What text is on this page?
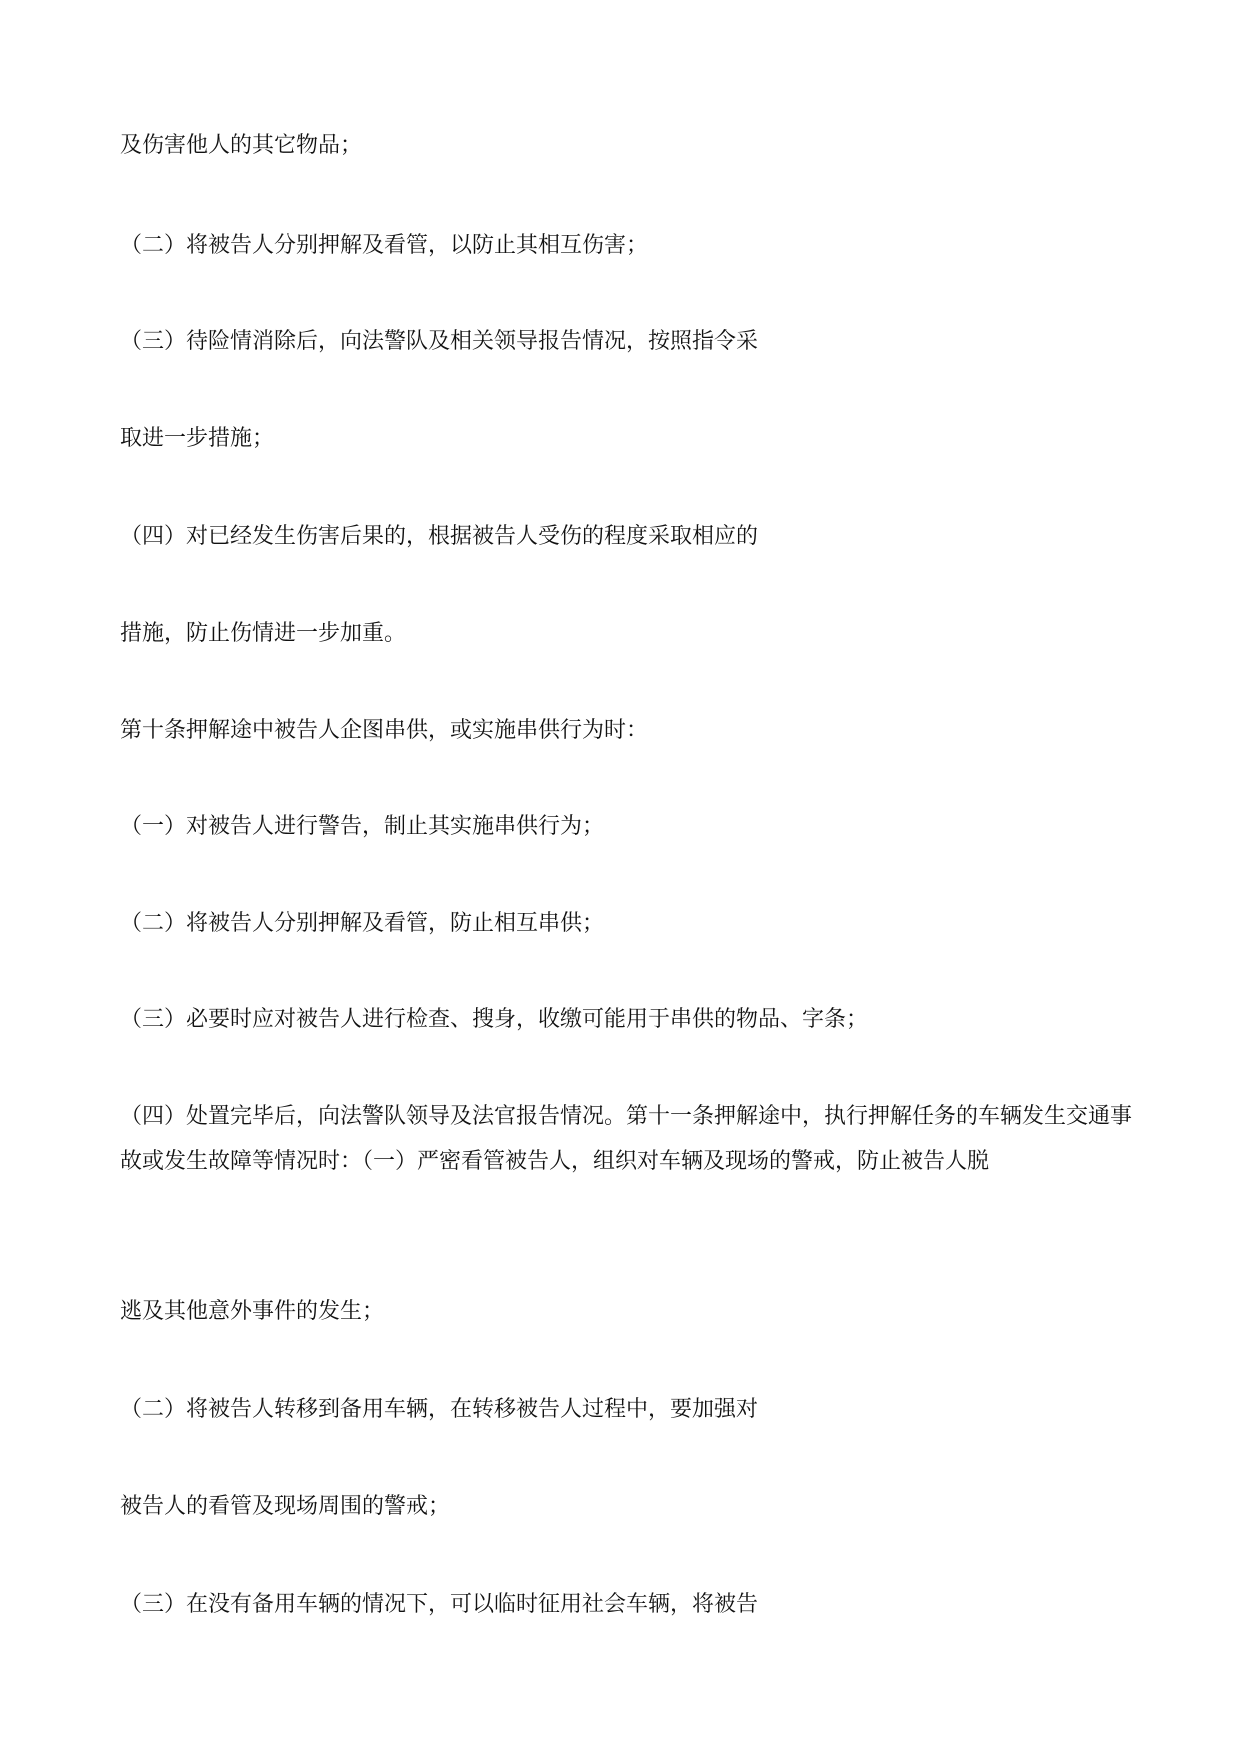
及伤害他人的其它物品；

（二）将被告人分别押解及看管，以防止其相互伤害；

（三）待险情消除后，向法警队及相关领导报告情况，按照指令采

取进一步措施；

（四）对已经发生伤害后果的，根据被告人受伤的程度采取相应的

措施，防止伤情进一步加重。

第十条押解途中被告人企图串供，或实施串供行为时：

（一）对被告人进行警告，制止其实施串供行为；

（二）将被告人分别押解及看管，防止相互串供；

（三）必要时应对被告人进行检查、搜身，收缴可能用于串供的物品、字条；

（四）处置完毕后，向法警队领导及法官报告情况。第十一条押解途中，执行押解任务的车辆发生交通事故或发生故障等情况时：（一）严密看管被告人，组织对车辆及现场的警戒，防止被告人脱

逃及其他意外事件的发生；

（二）将被告人转移到备用车辆，在转移被告人过程中，要加强对

被告人的看管及现场周围的警戒；

（三）在没有备用车辆的情况下，可以临时征用社会车辆，将被告
